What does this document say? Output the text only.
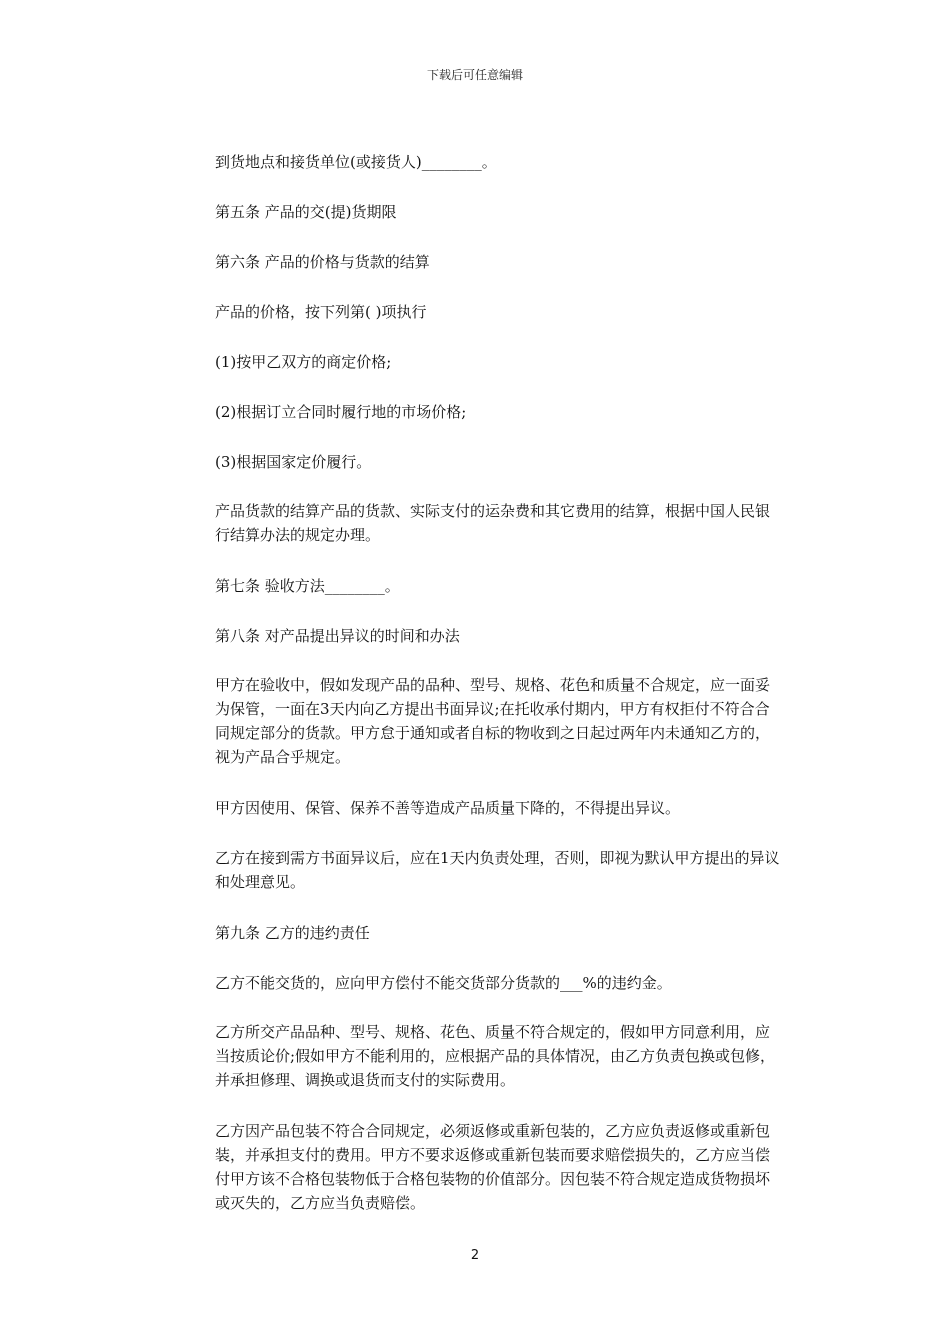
下载后可任意编辑
到货地点和接货单位(或接货人)________。
第五条 产品的交(提)货期限
第六条 产品的价格与货款的结算
产品的价格，按下列第( )项执行
(1)按甲乙双方的商定价格;
(2)根据订立合同时履行地的市场价格;
(3)根据国家定价履行。
产品货款的结算产品的货款、实际支付的运杂费和其它费用的结算，根据中国人民银行结算办法的规定办理。
第七条 验收方法________。
第八条 对产品提出异议的时间和办法
甲方在验收中，假如发现产品的品种、型号、规格、花色和质量不合规定，应一面妥为保管，一面在3天内向乙方提出书面异议;在托收承付期内，甲方有权拒付不符合合同规定部分的货款。甲方怠于通知或者自标的物收到之日起过两年内未通知乙方的，视为产品合乎规定。
甲方因使用、保管、保养不善等造成产品质量下降的，不得提出异议。
乙方在接到需方书面异议后，应在1天内负责处理，否则，即视为默认甲方提出的异议和处理意见。
第九条 乙方的违约责任
乙方不能交货的，应向甲方偿付不能交货部分货款的___%的违约金。
乙方所交产品品种、型号、规格、花色、质量不符合规定的，假如甲方同意利用，应当按质论价;假如甲方不能利用的，应根据产品的具体情况，由乙方负责包换或包修，并承担修理、调换或退货而支付的实际费用。
乙方因产品包装不符合合同规定，必须返修或重新包装的，乙方应负责返修或重新包装，并承担支付的费用。甲方不要求返修或重新包装而要求赔偿损失的，乙方应当偿付甲方该不合格包装物低于合格包装物的价值部分。因包装不符合规定造成货物损坏或灭失的，乙方应当负责赔偿。
2
